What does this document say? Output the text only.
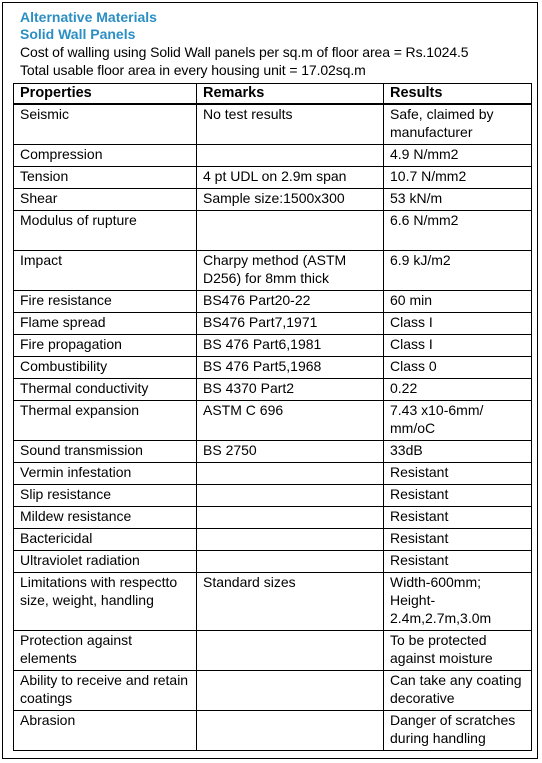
Alternative Materials
Solid Wall Panels
Cost of walling using Solid Wall panels per sq.m of floor area = Rs.1024.5
Total usable floor area in every housing unit = 17.02sq.m
Properties	Remarks	Results
Seismic	No test results	Safe, claimed by manufacturer
Compression		4.9 N/mm2
Tension	4 pt UDL on 2.9m span	10.7 N/mm2
Shear	Sample size:1500x300	53 kN/m
Modulus of rupture		6.6 N/mm2
Impact	Charpy method (ASTM D256) for 8mm thick	6.9 kJ/m2
Fire resistance	BS476 Part20-22	60 min
Flame spread	BS476 Part7,1971	Class I
Fire propagation	BS 476 Part6,1981	Class I
Combustibility	BS 476 Part5,1968	Class 0
Thermal conductivity	BS 4370 Part2	0.22
Thermal expansion	ASTM C 696	7.43 x10-6mm/ mm/oC
Sound transmission	BS 2750	33dB
Vermin infestation		Resistant
Slip resistance		Resistant
Mildew resistance		Resistant
Bactericidal		Resistant
Ultraviolet radiation		Resistant
Limitations with respectto size, weight, handling	Standard sizes	Width-600mm; Height- 2.4m,2.7m,3.0m
Protection against elements		To be protected against moisture
Ability to receive and retain coatings		Can take any coating decorative
Abrasion		Danger of scratches during handling
